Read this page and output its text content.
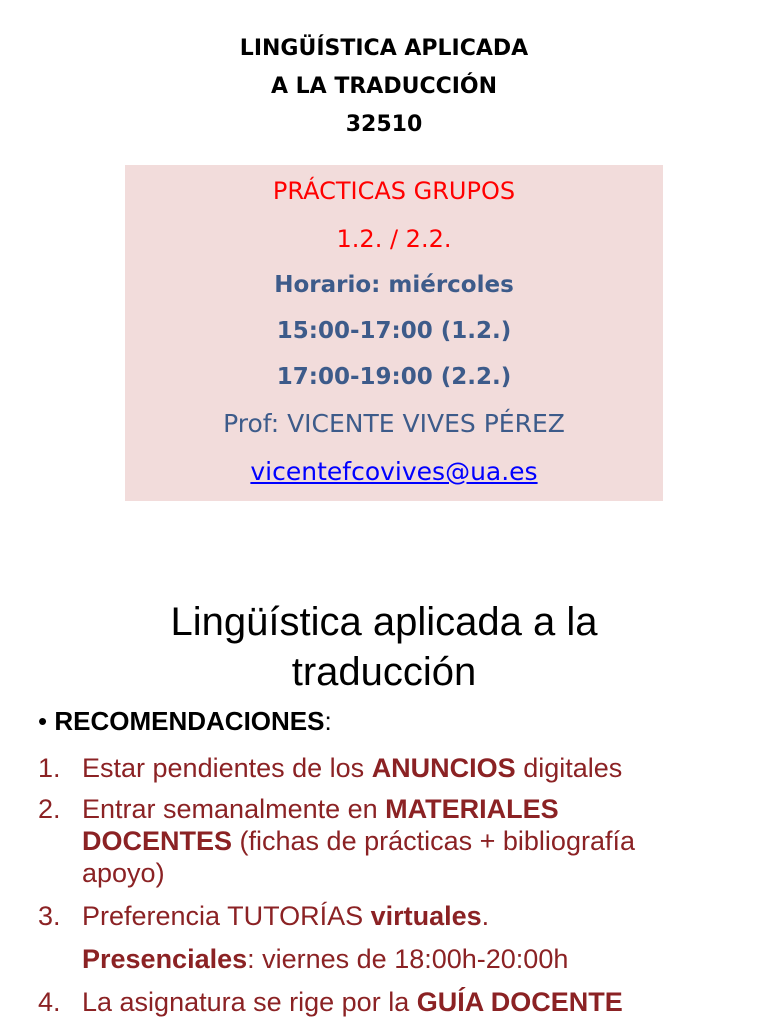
LINGÜÍSTICA APLICADA
A LA TRADUCCIÓN
32510
PRÁCTICAS GRUPOS
1.2. / 2.2.
Horario: miércoles
15:00-17:00 (1.2.)
17:00-19:00 (2.2.)
Prof: VICENTE VIVES PÉREZ
vicentefcovives@ua.es
Lingüística aplicada a la
traducción
• RECOMENDACIONES:
1. Estar pendientes de los ANUNCIOS digitales
2. Entrar semanalmente en MATERIALES
DOCENTES (fichas de prácticas + bibliografía
apoyo)
3. Preferencia TUTORÍAS virtuales.
Presenciales: viernes de 18:00h-20:00h
4. La asignatura se rige por la GUÍA DOCENTE
